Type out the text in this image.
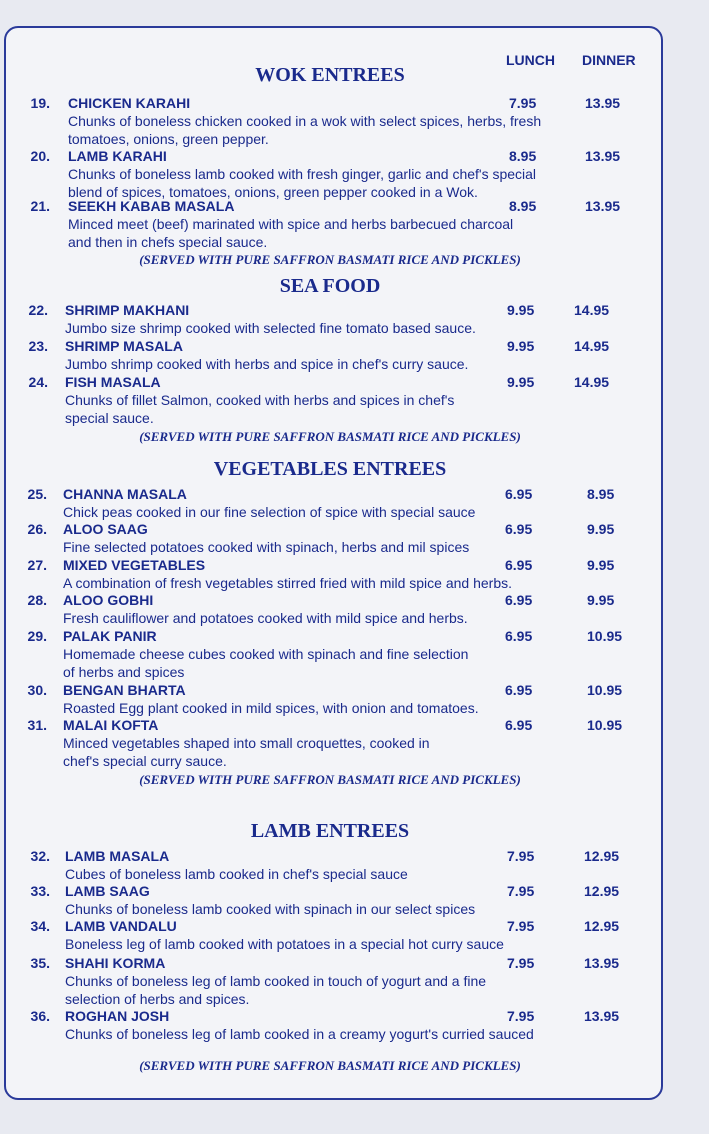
LUNCH DINNER
WOK ENTREES
19. CHICKEN KARAHI	7.95	13.95
Chunks of boneless chicken cooked in a wok with select spices, herbs, fresh
tomatoes, onions, green pepper.
20. LAMB KARAHI	8.95	13.95
Chunks of boneless lamb cooked with fresh ginger, garlic and chef's special
blend of spices, tomatoes, onions, green pepper cooked in a Wok.
21. SEEKH KABAB MASALA	8.95	13.95
Minced meet (beef) marinated with spice and herbs barbecued charcoal
and then in chefs special sauce.
(SERVED WITH PURE SAFFRON BASMATI RICE AND PICKLES)
SEA FOOD
22. SHRIMP MAKHANI	9.95	14.95
Jumbo size shrimp cooked with selected fine tomato based sauce.
23. SHRIMP MASALA	9.95	14.95
Jumbo shrimp cooked with herbs and spice in chef's curry sauce.
24. FISH MASALA	9.95	14.95
Chunks of fillet Salmon, cooked with herbs and spices in chef's
special sauce.
(SERVED WITH PURE SAFFRON BASMATI RICE AND PICKLES)
VEGETABLES ENTREES
25. CHANNA MASALA	6.95	8.95
Chick peas cooked in our fine selection of spice with special sauce
26. ALOO SAAG	6.95	9.95
Fine selected potatoes cooked with spinach, herbs and mil spices
27. MIXED VEGETABLES	6.95	9.95
A combination of fresh vegetables stirred fried with mild spice and herbs.
28. ALOO GOBHI	6.95	9.95
Fresh cauliflower and potatoes cooked with mild spice and herbs.
29. PALAK PANIR	6.95	10.95
Homemade cheese cubes cooked with spinach and fine selection
of herbs and spices
30. BENGAN BHARTA	6.95	10.95
Roasted Egg plant cooked in mild spices, with onion and tomatoes.
31. MALAI KOFTA	6.95	10.95
Minced vegetables shaped into small croquettes, cooked in
chef's special curry sauce.
(SERVED WITH PURE SAFFRON BASMATI RICE AND PICKLES)
LAMB ENTREES
32. LAMB MASALA	7.95	12.95
Cubes of boneless lamb cooked in chef's special sauce
33. LAMB SAAG	7.95	12.95
Chunks of boneless lamb cooked with spinach in our select spices
34. LAMB VANDALU	7.95	12.95
Boneless leg of lamb cooked with potatoes in a special hot curry sauce
35. SHAHI KORMA	7.95	13.95
Chunks of boneless leg of lamb cooked in touch of yogurt and a fine
selection of herbs and spices.
36. ROGHAN JOSH	7.95	13.95
Chunks of boneless leg of lamb cooked in a creamy yogurt's curried sauced
(SERVED WITH PURE SAFFRON BASMATI RICE AND PICKLES)
